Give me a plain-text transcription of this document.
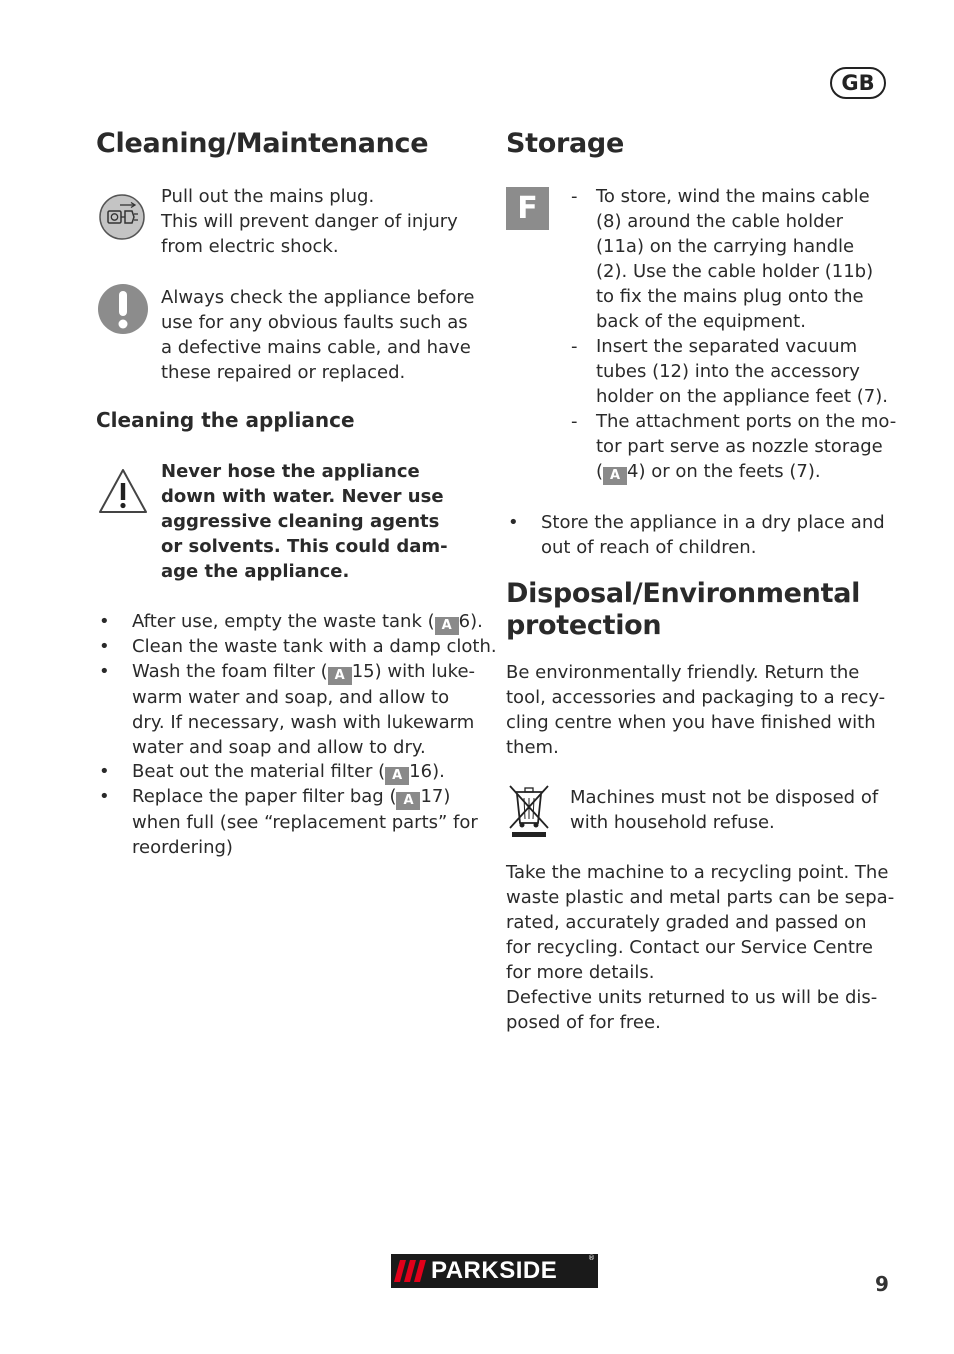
GB
Cleaning/Maintenance
Pull out the mains plug.
This will prevent danger of injury
from electric shock.
Always check the appliance before
use for any obvious faults such as
a defective mains cable, and have
these repaired or replaced.
Cleaning the appliance
Never hose the appliance
down with water. Never use
aggressive cleaning agents
or solvents. This could dam-
age the appliance.
• After use, empty the waste tank ( A 6).
• Clean the waste tank with a damp cloth.
• Wash the foam filter ( A 15) with luke-
warm water and soap, and allow to
dry. If necessary, wash with lukewarm
water and soap and allow to dry.
• Beat out the material filter ( A 16).
• Replace the paper filter bag ( A 17)
when full (see “replacement parts” for
reordering)
Storage
F	- To store, wind the mains cable
(8) around the cable holder
(11a) on the carrying handle
(2). Use the cable holder (11b)
to fix the mains plug onto the
back of the equipment.
- Insert the separated vacuum
tubes (12) into the accessory
holder on the appliance feet (7).
- The attachment ports on the mo-
tor part serve as nozzle storage
( A 4) or on the feets (7).
• Store the appliance in a dry place and
out of reach of children.
Disposal/Environmental
protection
Be environmentally friendly. Return the
tool, accessories and packaging to a recy-
cling centre when you have finished with
them.
Machines must not be disposed of
with household refuse.
Take the machine to a recycling point. The
waste plastic and metal parts can be sepa-
rated, accurately graded and passed on
for recycling. Contact our Service Centre
for more details.
Defective units returned to us will be dis-
posed of for free.
PARKSIDE	®
9
